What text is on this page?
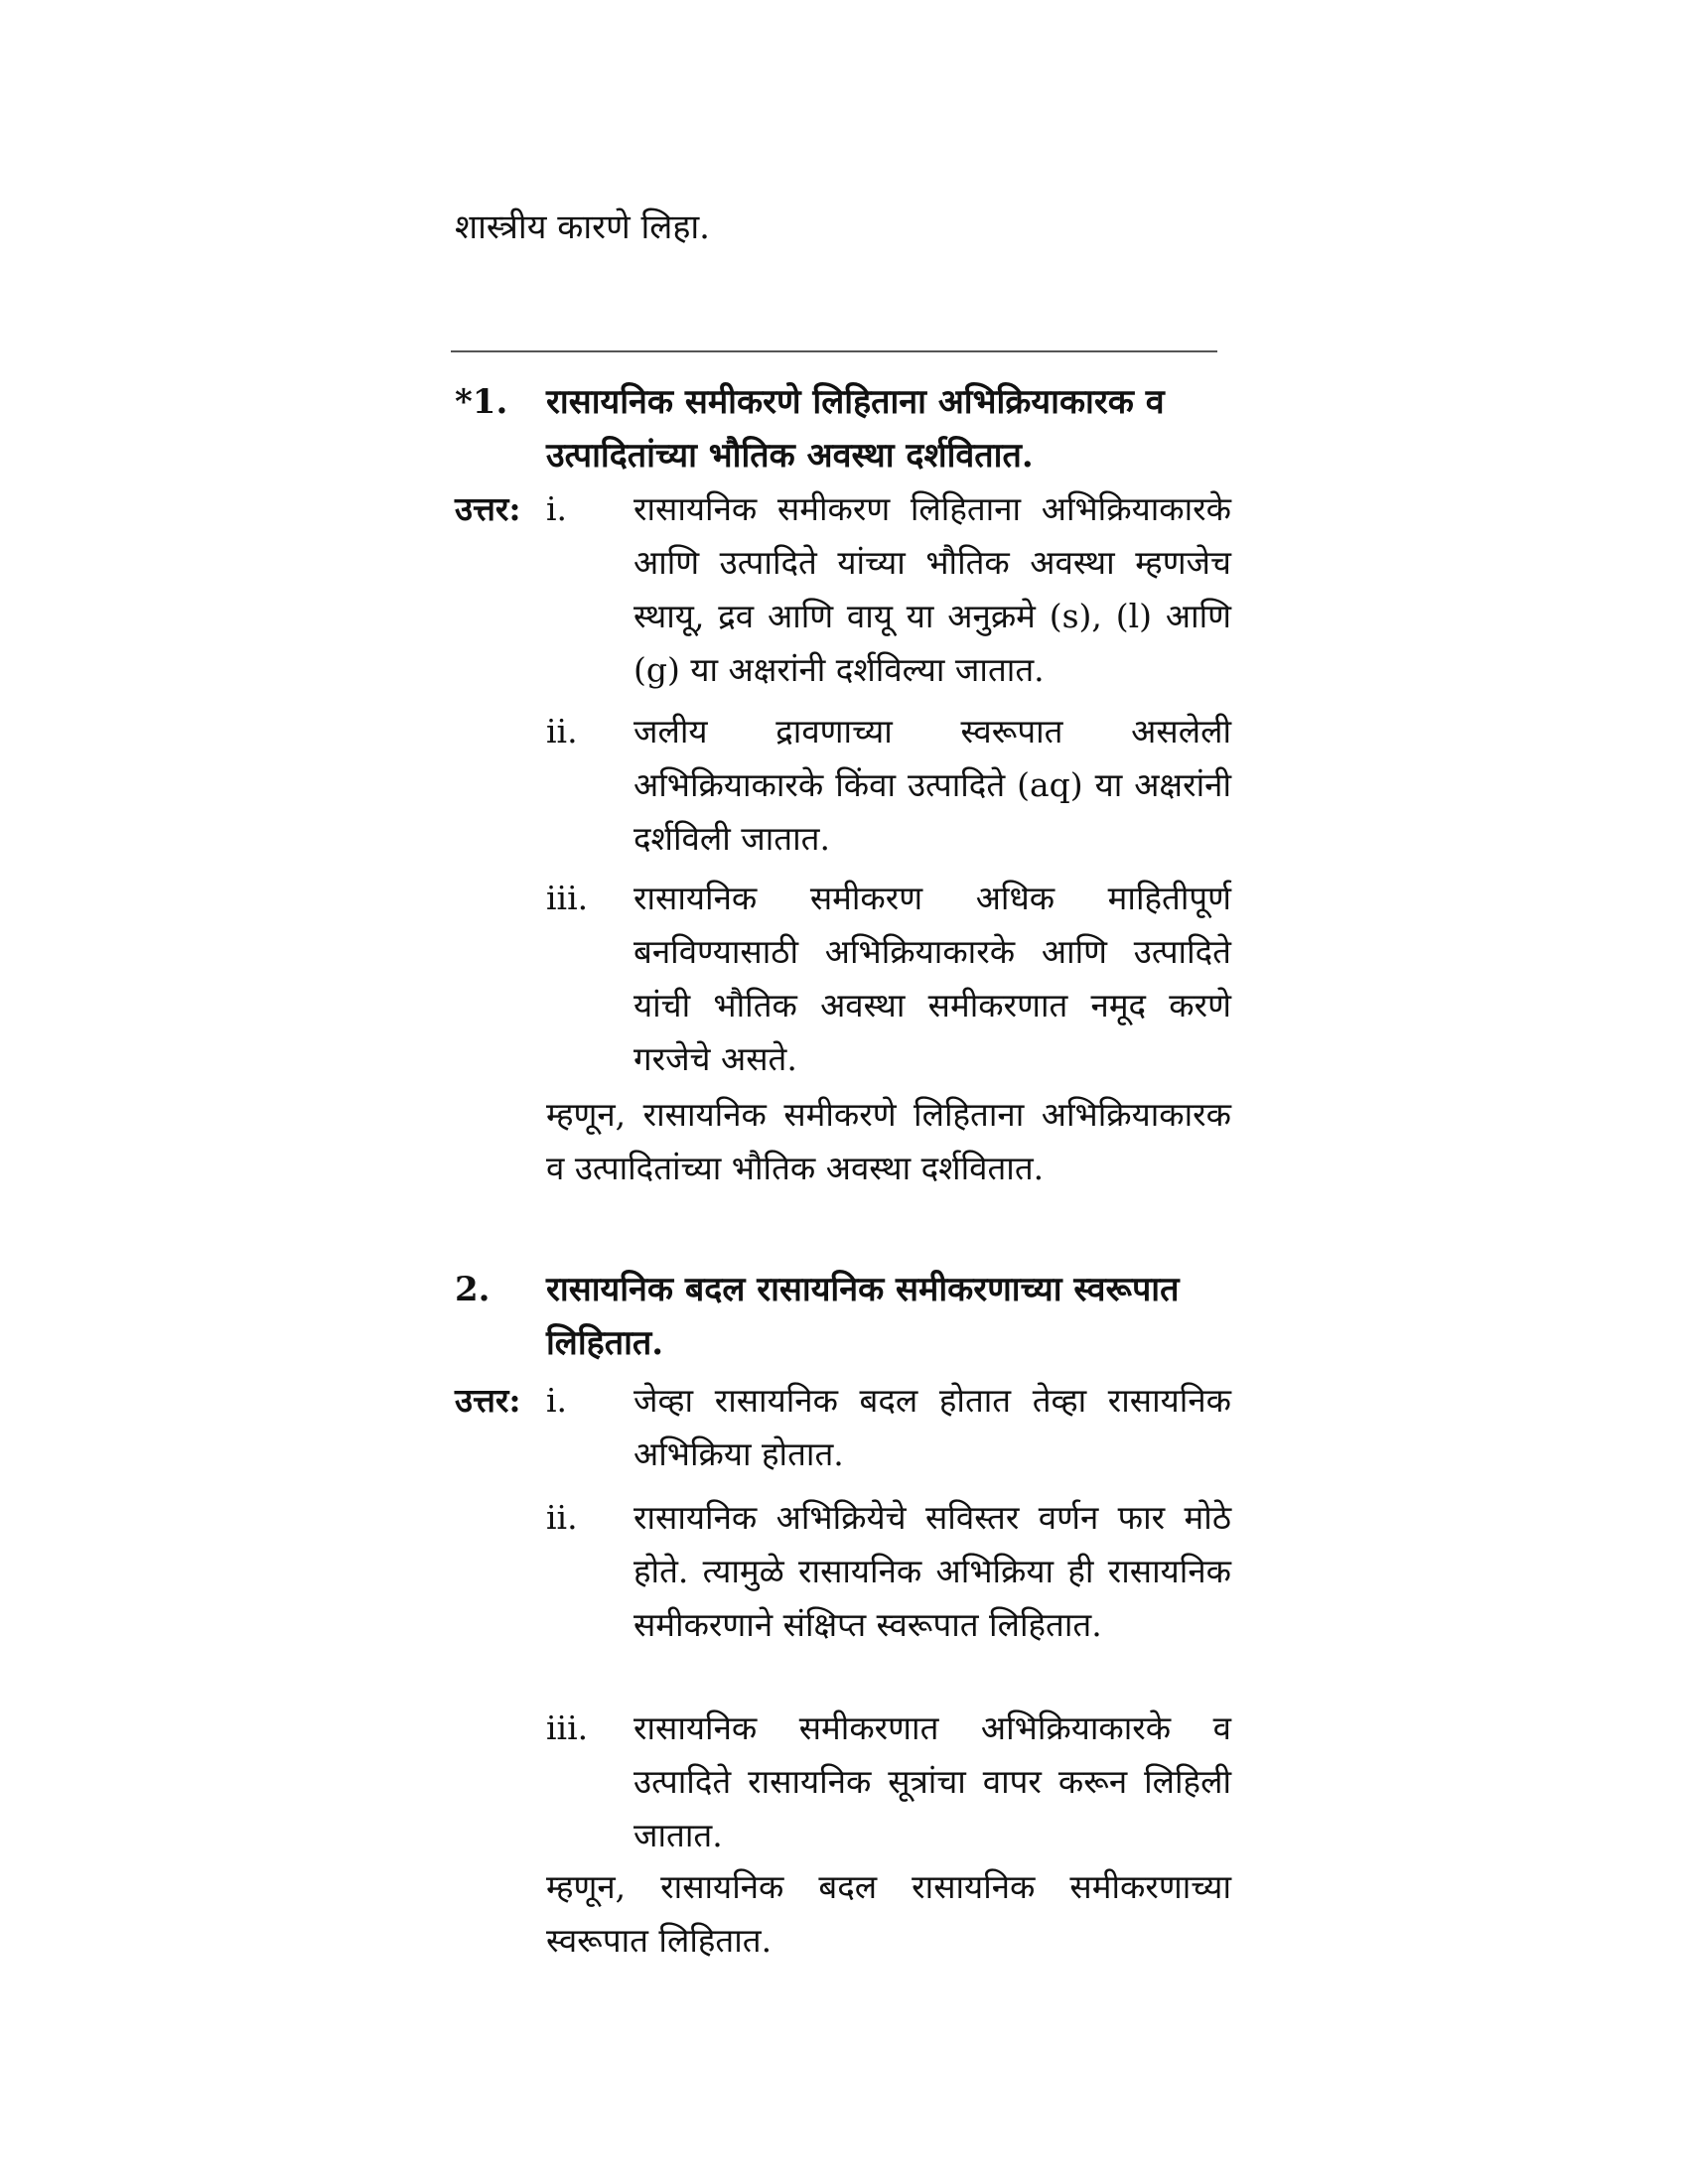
शास्त्रीय कारणे लिहा.
*1. रासायनिक समीकरणे लिहिताना अभिक्रियाकारक व उत्पादितांच्या भौतिक अवस्था दर्शवितात.
उत्तर: i. रासायनिक समीकरण लिहिताना अभिक्रियाकारके आणि उत्पादिते यांच्या भौतिक अवस्था म्हणजेच स्थायू, द्रव आणि वायू या अनुक्रमे (s), (l) आणि (g) या अक्षरांनी दर्शविल्या जातात.
ii. जलीय द्रावणाच्या स्वरूपात असलेली अभिक्रियाकारके किंवा उत्पादिते (aq) या अक्षरांनी दर्शविली जातात.
iii. रासायनिक समीकरण अधिक माहितीपूर्ण बनविण्यासाठी अभिक्रियाकारके आणि उत्पादिते यांची भौतिक अवस्था समीकरणात नमूद करणे गरजेचे असते.
म्हणून, रासायनिक समीकरणे लिहिताना अभिक्रियाकारक व उत्पादितांच्या भौतिक अवस्था दर्शवितात.
2. रासायनिक बदल रासायनिक समीकरणाच्या स्वरूपात लिहितात.
उत्तर: i. जेव्हा रासायनिक बदल होतात तेव्हा रासायनिक अभिक्रिया होतात.
ii. रासायनिक अभिक्रियेचे सविस्तर वर्णन फार मोठे होते. त्यामुळे रासायनिक अभिक्रिया ही रासायनिक समीकरणाने संक्षिप्त स्वरूपात लिहितात.
iii. रासायनिक समीकरणात अभिक्रियाकारके व उत्पादिते रासायनिक सूत्रांचा वापर करून लिहिली जातात.
म्हणून, रासायनिक बदल रासायनिक समीकरणाच्या स्वरूपात लिहितात.
